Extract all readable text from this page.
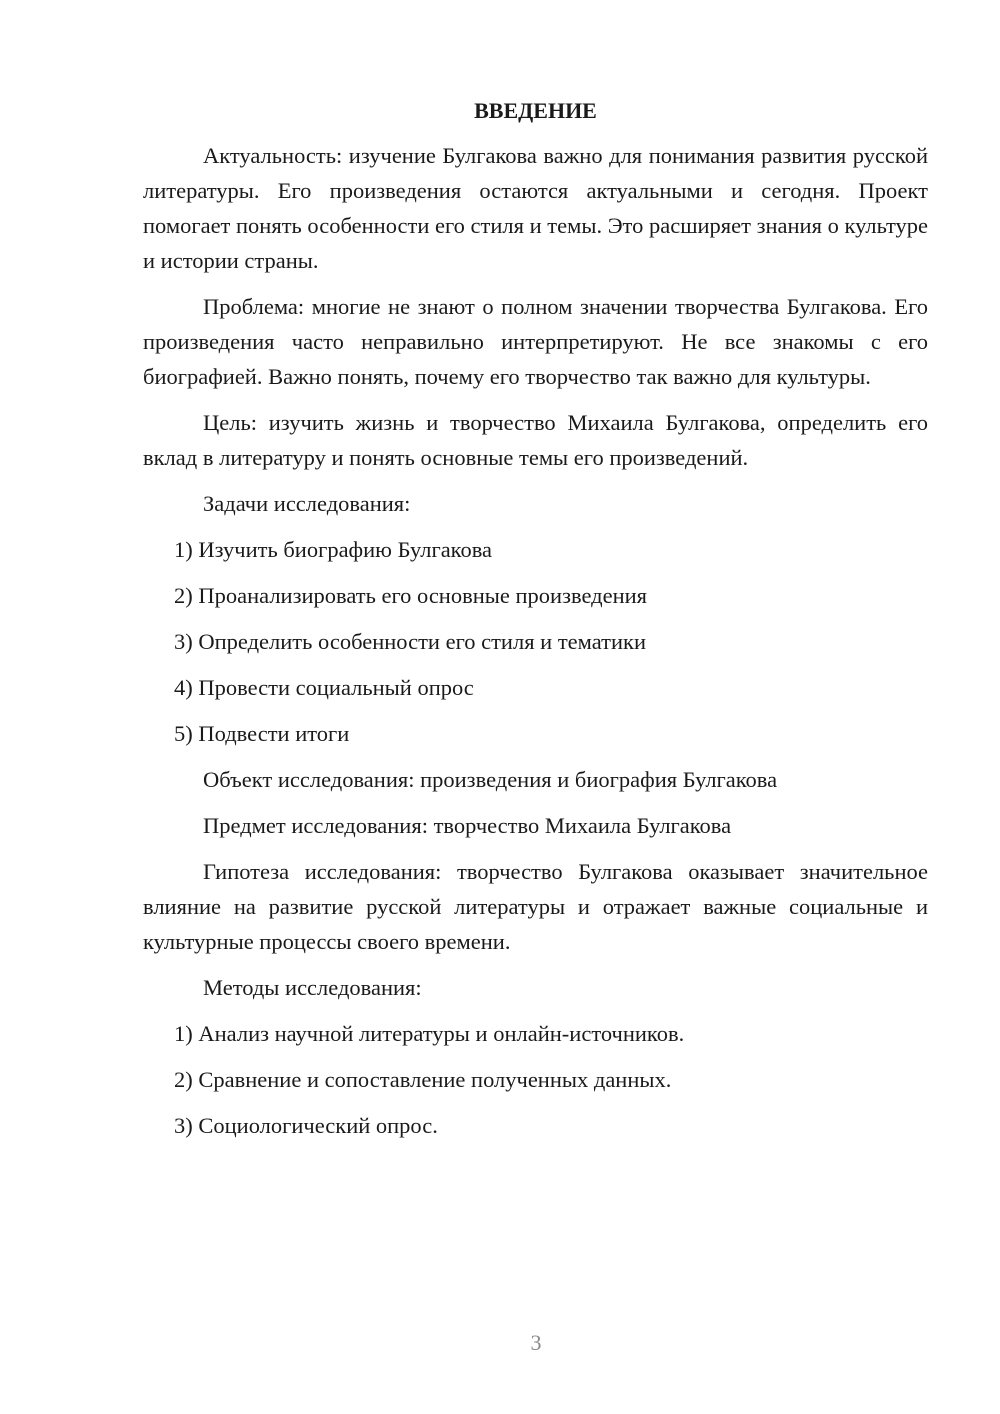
ВВЕДЕНИЕ

Актуальность: изучение Булгакова важно для понимания развития русской литературы. Его произведения остаются актуальными и сегодня. Проект помогает понять особенности его стиля и темы. Это расширяет знания о культуре и истории страны.

Проблема: многие не знают о полном значении творчества Булгакова. Его произведения часто неправильно интерпретируют. Не все знакомы с его биографией. Важно понять, почему его творчество так важно для культуры.

Цель: изучить жизнь и творчество Михаила Булгакова, определить его вклад в литературу и понять основные темы его произведений.

Задачи исследования:

1) Изучить биографию Булгакова
2) Проанализировать его основные произведения
3) Определить особенности его стиля и тематики
4) Провести социальный опрос
5) Подвести итоги

Объект исследования: произведения и биография Булгакова

Предмет исследования: творчество Михаила Булгакова

Гипотеза исследования: творчество Булгакова оказывает значительное влияние на развитие русской литературы и отражает важные социальные и культурные процессы своего времени.

Методы исследования:

1) Анализ научной литературы и онлайн-источников.
2) Сравнение и сопоставление полученных данных.
3) Социологический опрос.
3
